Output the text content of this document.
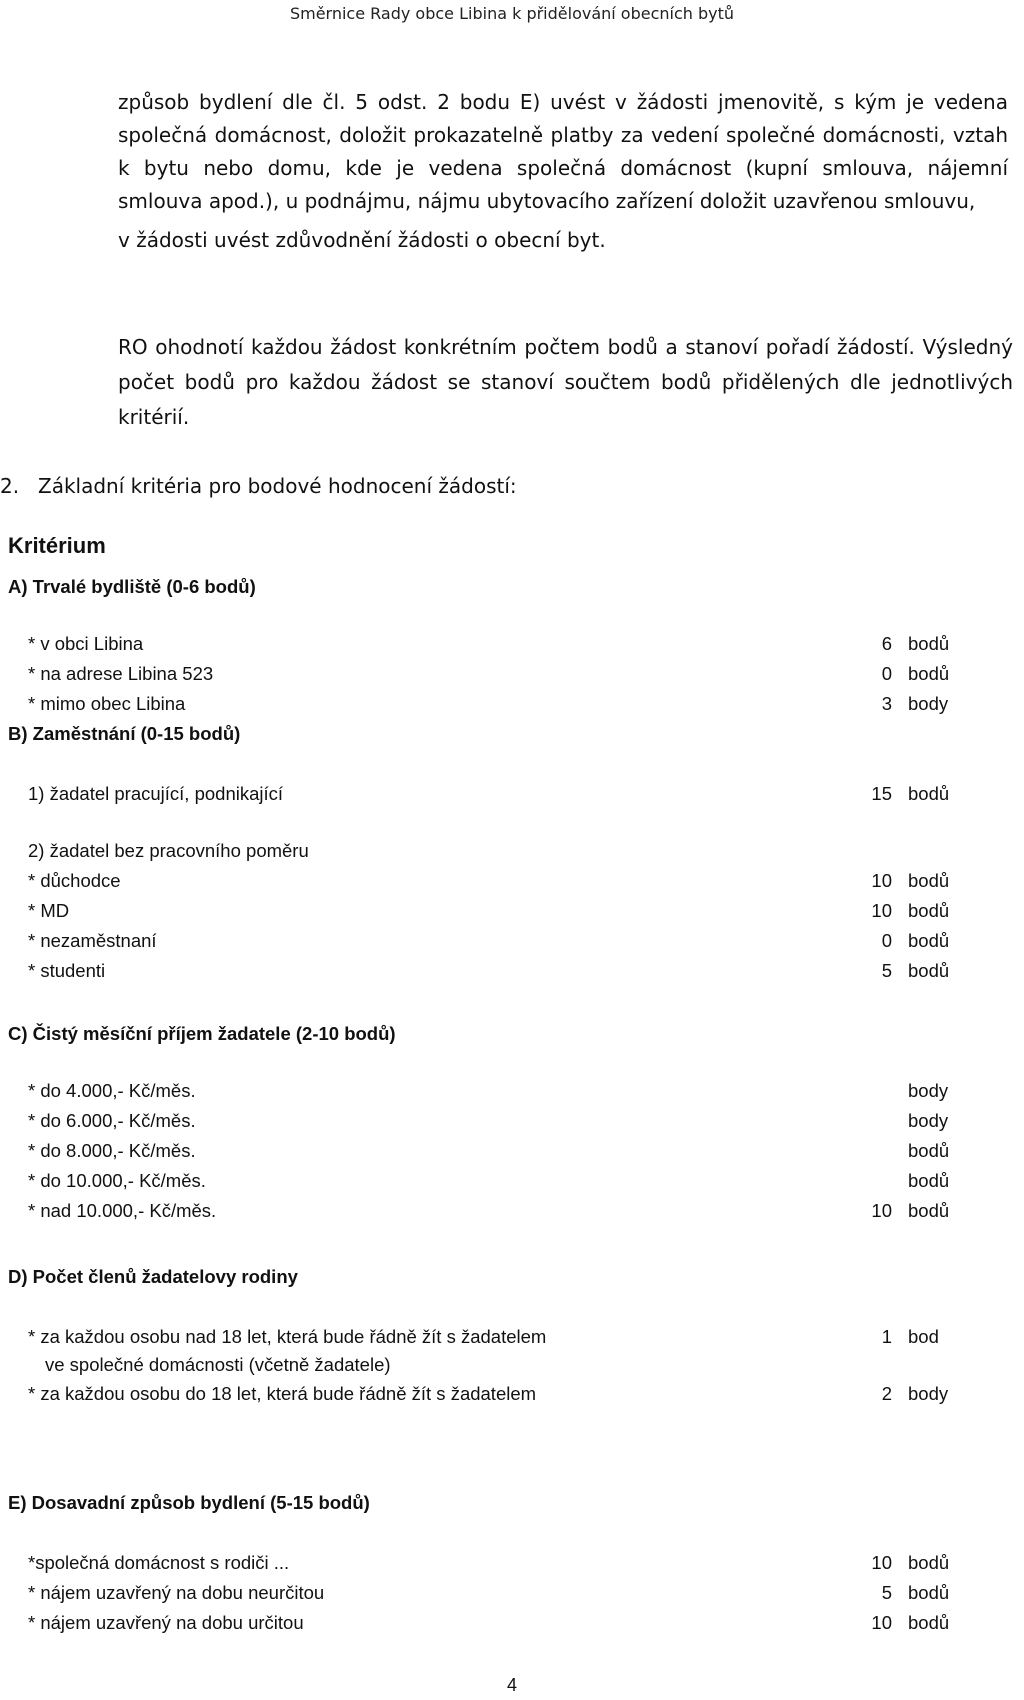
Směrnice Rady obce Libina k přidělování obecních bytů
způsob bydlení dle čl. 5 odst. 2 bodu E) uvést v žádosti jmenovitě, s kým je vedena společná domácnost, doložit prokazatelně platby za vedení společné domácnosti, vztah k bytu nebo domu, kde je vedena společná domácnost (kupní smlouva, nájemní smlouva apod.), u podnájmu, nájmu ubytovacího zařízení doložit uzavřenou smlouvu,
v žádosti uvést zdůvodnění žádosti o obecní byt.
RO ohodnotí každou žádost konkrétním počtem bodů a stanoví pořadí žádostí. Výsledný počet bodů pro každou žádost se stanoví součtem bodů přidělených dle jednotlivých kritérií.
2. Základní kritéria pro bodové hodnocení žádostí:
Kritérium
A) Trvalé bydliště (0-6 bodů)
* v obci Libina	6 bodů
* na adrese Libina 523	0 bodů
* mimo obec Libina	3 body
B) Zaměstnání (0-15 bodů)
1) žadatel pracující, podnikající	15 bodů
2) žadatel bez pracovního poměru
* důchodce	10 bodů
* MD	10 bodů
* nezaměstnaní	0 bodů
* studenti	5 bodů
C) Čistý měsíční příjem žadatele (2-10 bodů)
* do 4.000,- Kč/měs.	body
* do 6.000,- Kč/měs.	body
* do 8.000,- Kč/měs.	bodů
* do 10.000,- Kč/měs.	bodů
* nad 10.000,- Kč/měs.	10 bodů
D) Počet členů žadatelovy rodiny
* za každou osobu nad 18 let, která bude řádně žít s žadatelem	1 bod
ve společné domácnosti (včetně žadatele)
* za každou osobu do 18 let, která bude řádně žít s žadatelem	2 body
E) Dosavadní způsob bydlení (5-15 bodů)
*společná domácnost s rodiči ...	10 bodů
* nájem uzavřený na dobu neurčitou	5 bodů
* nájem uzavřený na dobu určitou	10 bodů
4
